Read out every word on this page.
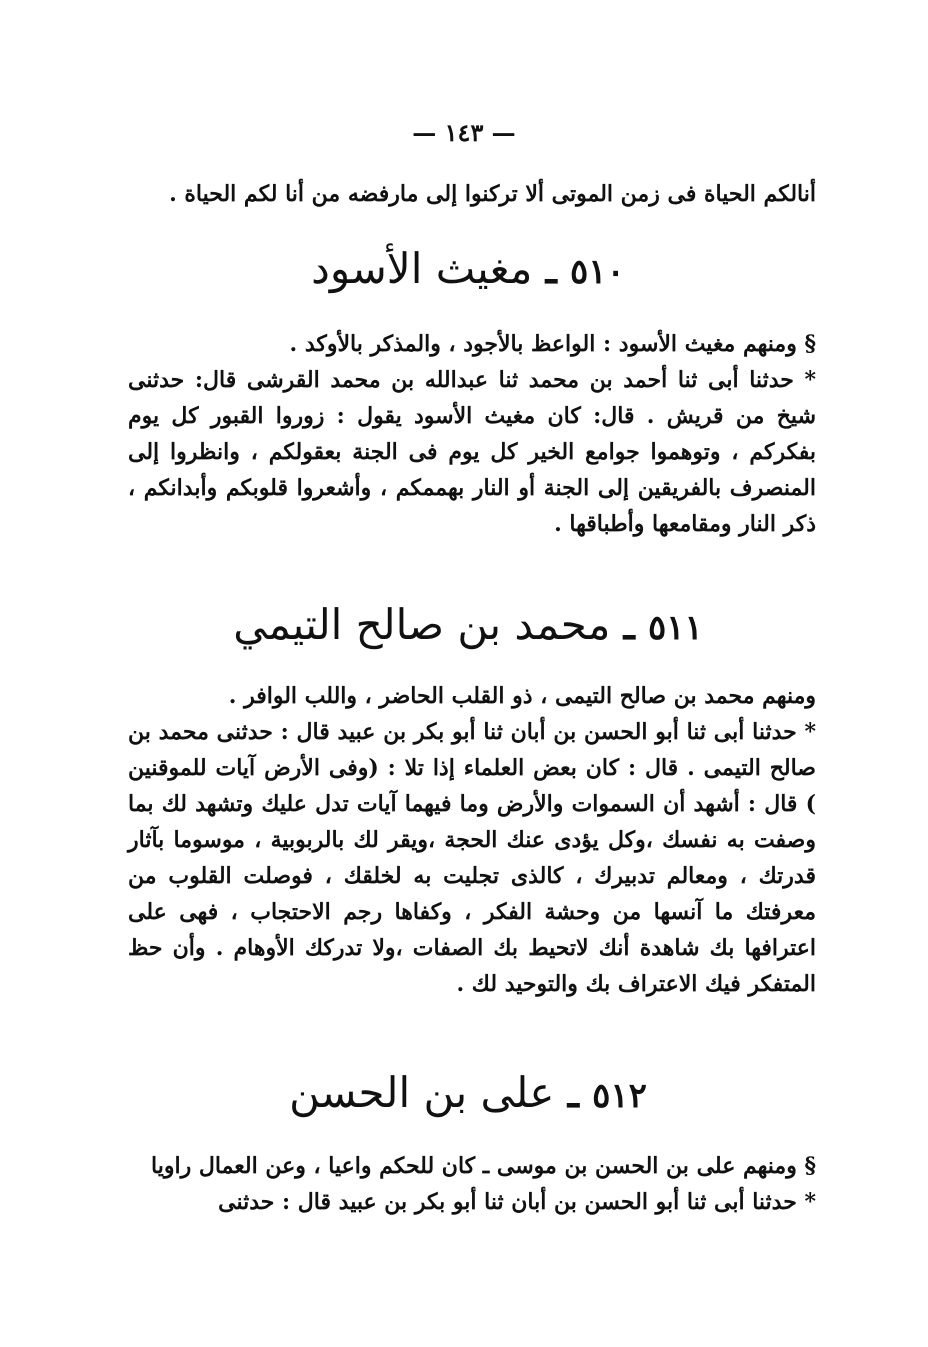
— ١٤٣ —

أنالكم الحياة فى زمن الموتى ألا تركنوا إلى مارفضه من أنا لكم الحياة .

٥١٠ ـ مغيث الأسود

§ ومنهم مغيث الأسود : الواعظ بالأجود ، والمذكر بالأوكد .

* حدثنا أبى ثنا أحمد بن محمد ثنا عبدالله بن محمد القرشى قال: حدثنى شيخ من قريش . قال: كان مغيث الأسود يقول : زوروا القبور كل يوم بفكركم ، وتوهموا جوامع الخير كل يوم فى الجنة بعقولكم ، وانظروا إلى المنصرف بالفريقين إلى الجنة أو النار بهممكم ، وأشعروا قلوبكم وأبدانكم ، ذكر النار ومقامعها وأطباقها .

٥١١ ـ محمد بن صالح التيمي

ومنهم محمد بن صالح التيمى ، ذو القلب الحاضر ، واللب الوافر .

* حدثنا أبى ثنا أبو الحسن بن أبان ثنا أبو بكر بن عبيد قال : حدثنى محمد بن صالح التيمى . قال : كان بعض العلماء إذا تلا : (وفى الأرض آيات للموقنين ) قال : أشهد أن السموات والأرض وما فيهما آيات تدل عليك وتشهد لك بما وصفت به نفسك ،وكل يؤدى عنك الحجة ،ويقر لك بالربوبية ، موسوما بآثار قدرتك ، ومعالم تدبيرك ، كالذى تجليت به لخلقك ، فوصلت القلوب من معرفتك ما آنسها من وحشة الفكر ، وكفاها رجم الاحتجاب ، فهى على اعترافها بك شاهدة أنك لاتحيط بك الصفات ،ولا تدركك الأوهام . وأن حظ المتفكر فيك الاعتراف بك والتوحيد لك .

٥١٢ ـ على بن الحسن

§ ومنهم على بن الحسن بن موسى ـ كان للحكم واعيا ، وعن العمال راويا

* حدثنا أبى ثنا أبو الحسن بن أبان ثنا أبو بكر بن عبيد قال : حدثنى
